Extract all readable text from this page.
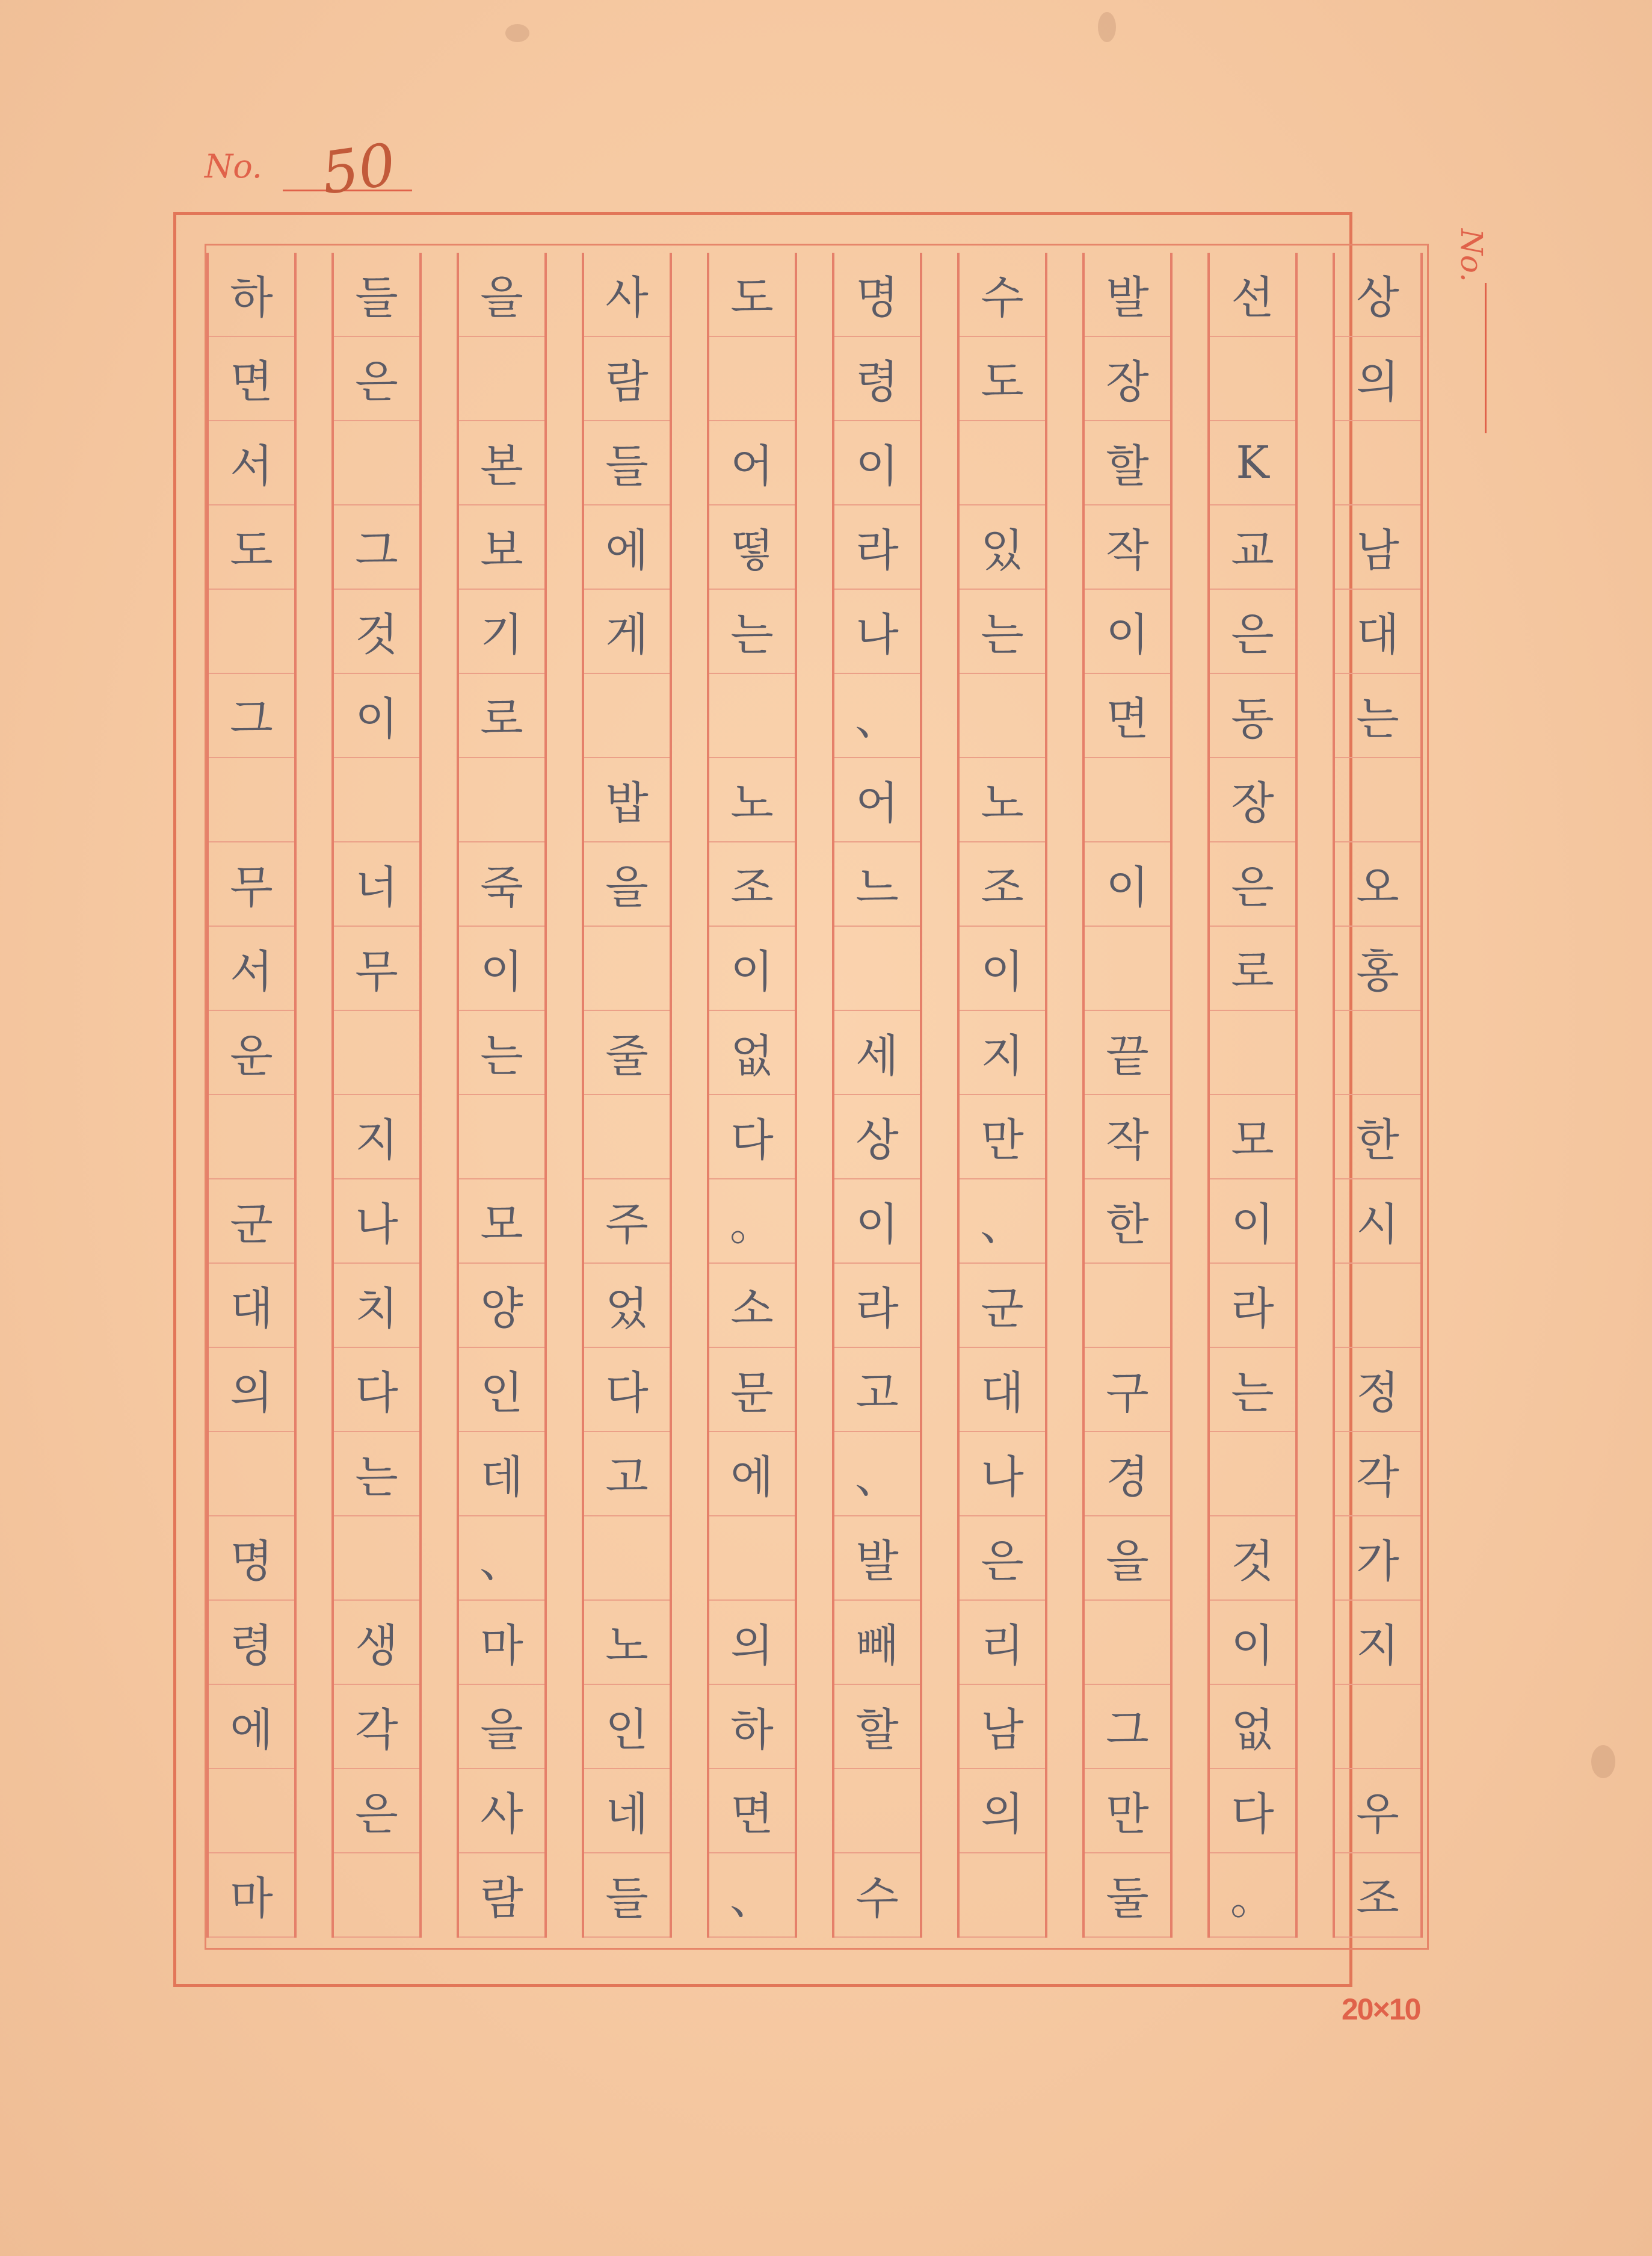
No. 50
No.
상
의
남
대
는
오
홍
한
시
정
각
가
지
우
조
선
K
교
은
동
장
은
로
모
이
라
는
것
이
없
다
。
발
장
할
작
이
면
이
끝
작
한
구
경
을
그
만
둘
수
도
있
는
노
조
이
지
만
、
군
대
나
은
리
남
의
명
령
이
라
나
、
어
느
세
상
이
라
고
、
발
빼
할
수
도
어
떻
는
노
조
이
없
다
。
소
문
에
의
하
면
、
사
람
들
에
게
밥
을
줄
주
었
다
고
노
인
네
들
을
본
보
기
로
죽
이
는
모
양
인
데
、
마
을
사
람
들
은
그
것
이
너
무
지
나
치
다
는
생
각
은
하
면
서
도
그
무
서
운
군
대
의
명
령
에
마
20×10
